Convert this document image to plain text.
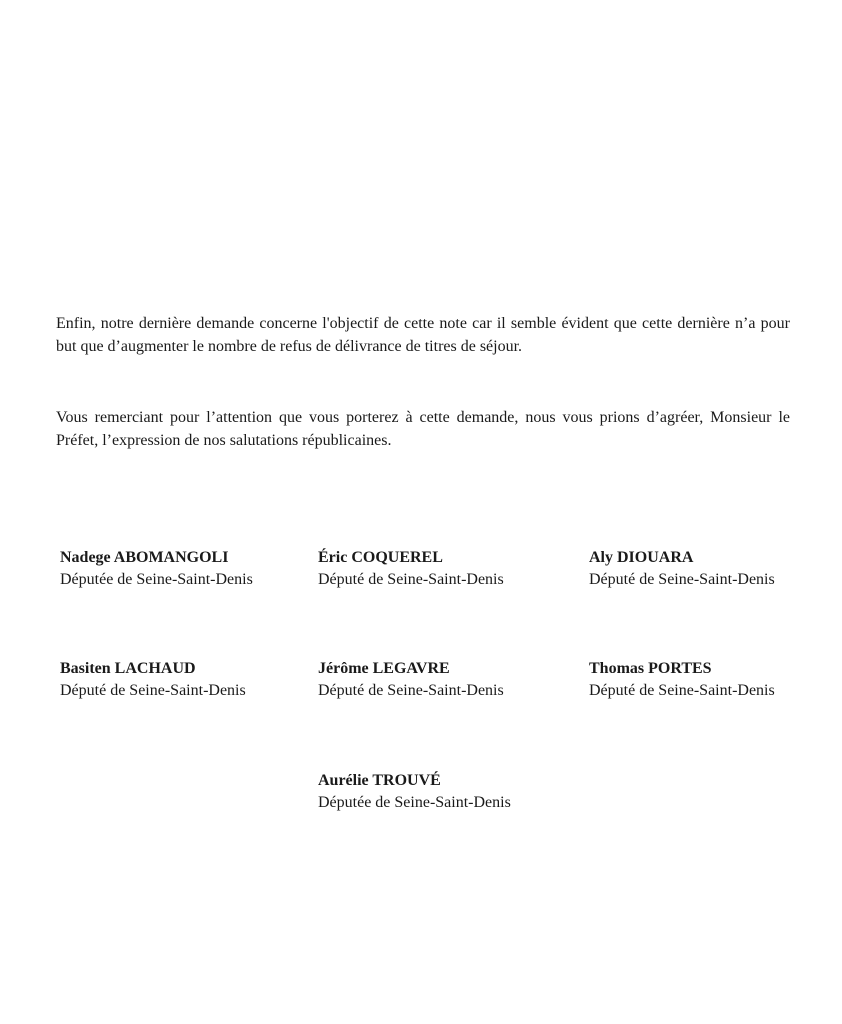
Enfin, notre dernière demande concerne l'objectif de cette note car il semble évident que cette dernière n’a pour but que d’augmenter le nombre de refus de délivrance de titres de séjour.

Vous remerciant pour l’attention que vous porterez à cette demande, nous vous prions d’agréer, Monsieur le Préfet, l’expression de nos salutations républicaines.

Nadege ABOMANGOLI
Députée de Seine-Saint-Denis
Éric COQUEREL
Député de Seine-Saint-Denis
Aly DIOUARA
Député de Seine-Saint-Denis
Basiten LACHAUD
Député de Seine-Saint-Denis
Jérôme LEGAVRE
Député de Seine-Saint-Denis
Thomas PORTES
Député de Seine-Saint-Denis
Aurélie TROUVÉ
Députée de Seine-Saint-Denis
